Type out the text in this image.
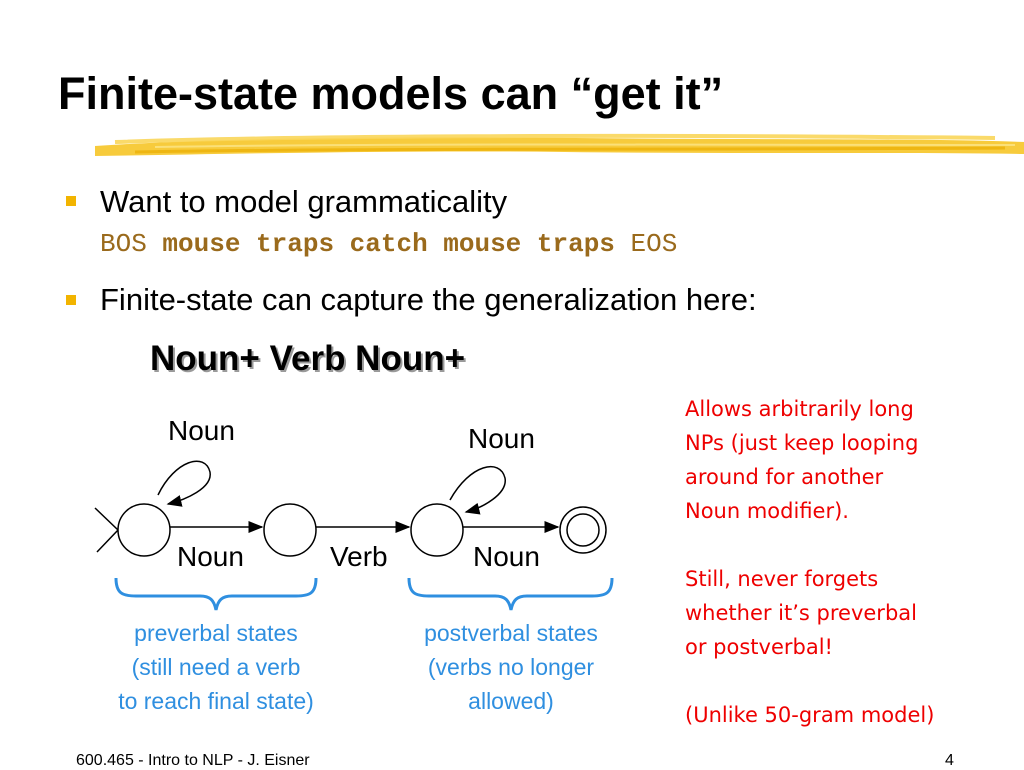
Finite-state models can “get it”
Want to model grammaticality
BOS mouse traps catch mouse traps EOS
Finite-state can capture the generalization here:
Noun+ Verb Noun+
Noun	Noun
Noun	Verb	Noun
preverbal states
(still need a verb
to reach final state)
postverbal states
(verbs no longer
allowed)

Allows arbitrarily long

NPs (just keep looping

around for another

Noun modifier).

Still, never forgets

whether it’s preverbal

or postverbal!

(Unlike 50-gram model)

600.465 - Intro to NLP - J. Eisner	4
